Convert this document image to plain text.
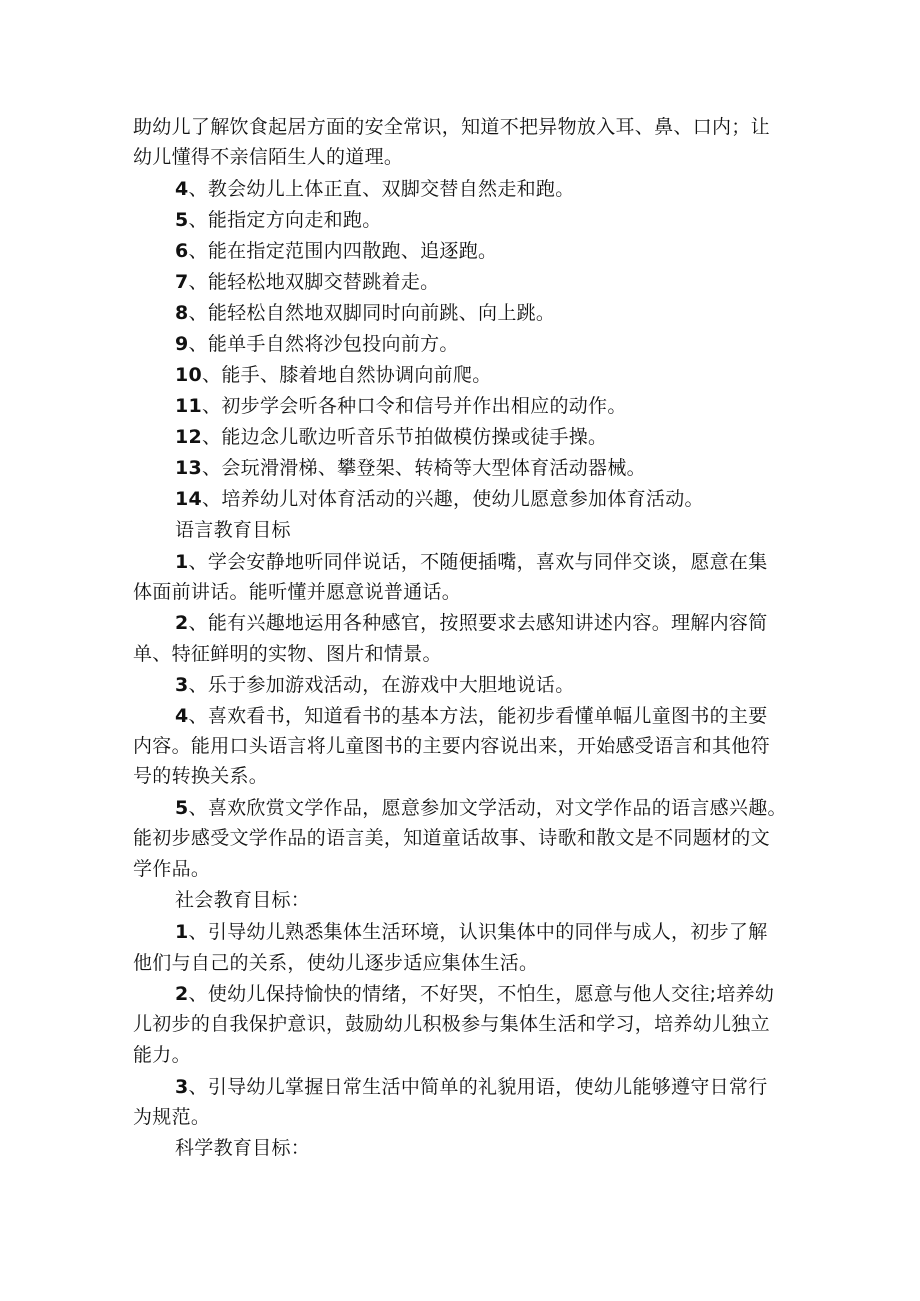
助幼儿了解饮食起居方面的安全常识，知道不把异物放入耳、鼻、口内；让
幼儿懂得不亲信陌生人的道理。
4、教会幼儿上体正直、双脚交替自然走和跑。
5、能指定方向走和跑。
6、能在指定范围内四散跑、追逐跑。
7、能轻松地双脚交替跳着走。
8、能轻松自然地双脚同时向前跳、向上跳。
9、能单手自然将沙包投向前方。
10、能手、膝着地自然协调向前爬。
11、初步学会听各种口令和信号并作出相应的动作。
12、能边念儿歌边听音乐节拍做模仿操或徒手操。
13、会玩滑滑梯、攀登架、转椅等大型体育活动器械。
14、培养幼儿对体育活动的兴趣，使幼儿愿意参加体育活动。
语言教育目标
1、学会安静地听同伴说话，不随便插嘴，喜欢与同伴交谈，愿意在集
体面前讲话。能听懂并愿意说普通话。
2、能有兴趣地运用各种感官，按照要求去感知讲述内容。理解内容简
单、特征鲜明的实物、图片和情景。
3、乐于参加游戏活动，在游戏中大胆地说话。
4、喜欢看书，知道看书的基本方法，能初步看懂单幅儿童图书的主要
内容。能用口头语言将儿童图书的主要内容说出来，开始感受语言和其他符
号的转换关系。
5、喜欢欣赏文学作品，愿意参加文学活动，对文学作品的语言感兴趣。
能初步感受文学作品的语言美，知道童话故事、诗歌和散文是不同题材的文
学作品。
社会教育目标：
1、引导幼儿熟悉集体生活环境，认识集体中的同伴与成人，初步了解
他们与自己的关系，使幼儿逐步适应集体生活。
2、使幼儿保持愉快的情绪，不好哭，不怕生，愿意与他人交往;培养幼
儿初步的自我保护意识，鼓励幼儿积极参与集体生活和学习，培养幼儿独立
能力。
3、引导幼儿掌握日常生活中简单的礼貌用语，使幼儿能够遵守日常行
为规范。
科学教育目标：
